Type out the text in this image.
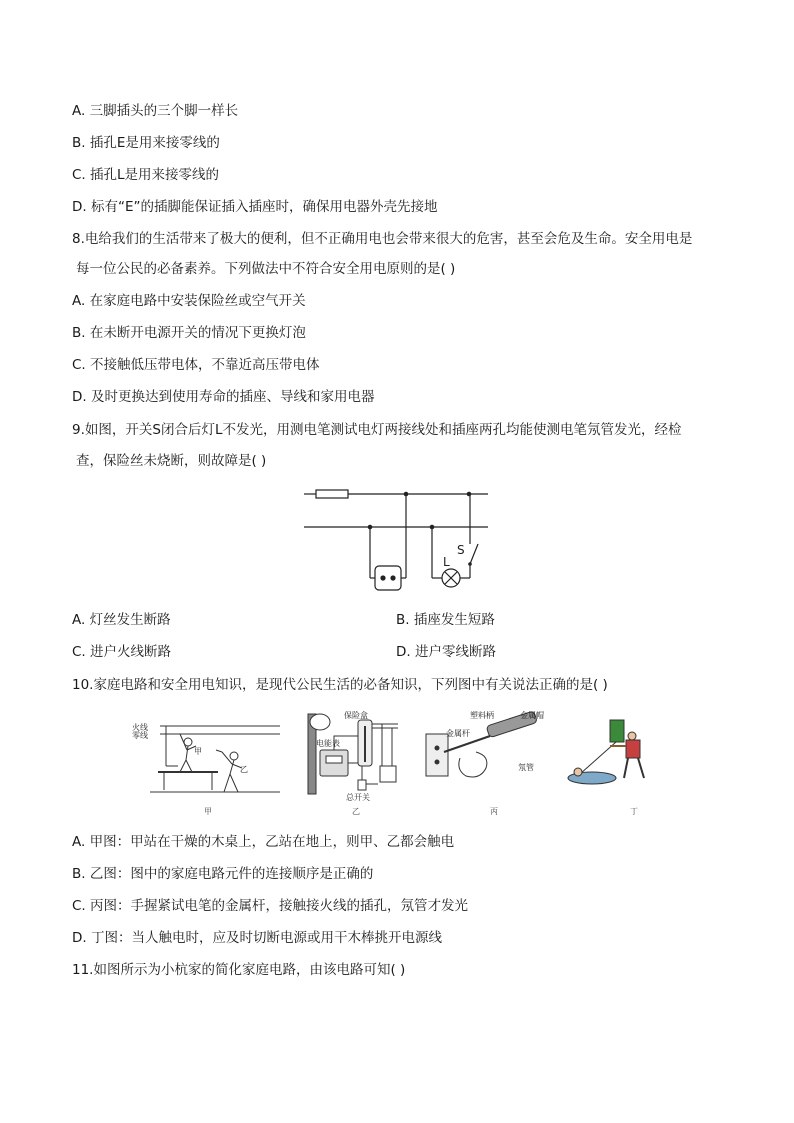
A. 三脚插头的三个脚一样长
B. 插孔E是用来接零线的
C. 插孔L是用来接零线的
D. 标有“E”的插脚能保证插入插座时，确保用电器外壳先接地
8.电给我们的生活带来了极大的便利，但不正确用电也会带来很大的危害，甚至会危及生命。安全用电是
每一位公民的必备素养。下列做法中不符合安全用电原则的是( )
A. 在家庭电路中安装保险丝或空气开关
B. 在未断开电源开关的情况下更换灯泡
C. 不接触低压带电体，不靠近高压带电体
D. 及时更换达到使用寿命的插座、导线和家用电器
9.如图，开关S闭合后灯L不发光，用测电笔测试电灯两接线处和插座两孔均能使测电笔氖管发光，经检
查，保险丝未烧断，则故障是( )
S
L
A. 灯丝发生断路	B. 插座发生短路
C. 进户火线断路	D. 进户零线断路
10.家庭电路和安全用电知识，是现代公民生活的必备知识，下列图中有关说法正确的是( )
火线
零线
甲
乙
甲
保险盒
电能表
总开关
乙
塑料柄	金属帽
金属杆
氖管
丙	丁
A. 甲图：甲站在干燥的木桌上，乙站在地上，则甲、乙都会触电
B. 乙图：图中的家庭电路元件的连接顺序是正确的
C. 丙图：手握紧试电笔的金属杆，接触接火线的插孔，氖管才发光
D. 丁图：当人触电时，应及时切断电源或用干木棒挑开电源线
11.如图所示为小杭家的简化家庭电路，由该电路可知( )
